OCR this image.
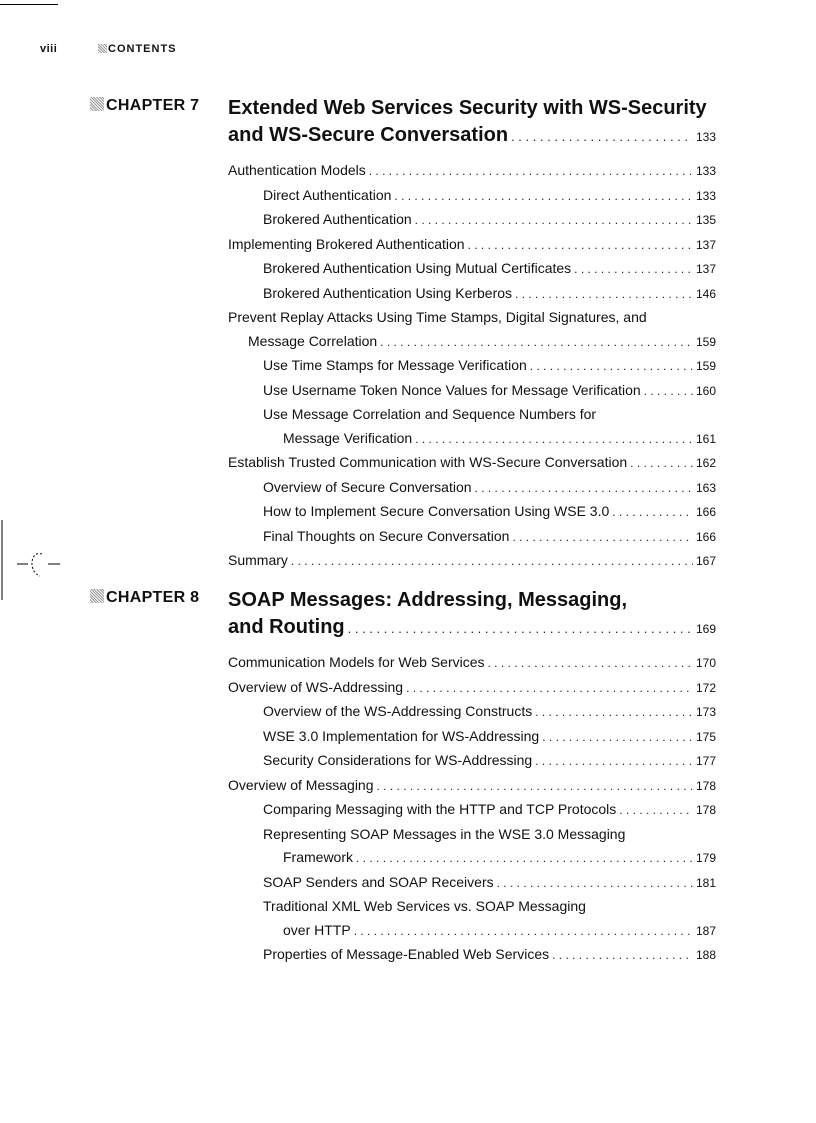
viii	CONTENTS
CHAPTER 7 Extended Web Services Security with WS-Security
and WS-Secure Conversation . . .	133
Authentication Models . . .	133
Direct Authentication . . .	133
Brokered Authentication . . .	135
Implementing Brokered Authentication . . .	137
Brokered Authentication Using Mutual Certificates . . .	137
Brokered Authentication Using Kerberos . . .	146
Prevent Replay Attacks Using Time Stamps, Digital Signatures, and
Message Correlation . . .	159
Use Time Stamps for Message Verification . . .	159
Use Username Token Nonce Values for Message Verification . . .	160
Use Message Correlation and Sequence Numbers for
Message Verification . . .	161
Establish Trusted Communication with WS-Secure Conversation . . .	162
Overview of Secure Conversation . . .	163
How to Implement Secure Conversation Using WSE 3.0 . . .	166
Final Thoughts on Secure Conversation . . .	166
Summary . . .	167
CHAPTER 8 SOAP Messages: Addressing, Messaging,
and Routing . . .	169
Communication Models for Web Services . . .	170
Overview of WS-Addressing . . .	172
Overview of the WS-Addressing Constructs . . .	173
WSE 3.0 Implementation for WS-Addressing . . .	175
Security Considerations for WS-Addressing . . .	177
Overview of Messaging . . .	178
Comparing Messaging with the HTTP and TCP Protocols . . .	178
Representing SOAP Messages in the WSE 3.0 Messaging
Framework . . .	179
SOAP Senders and SOAP Receivers . . .	181
Traditional XML Web Services vs. SOAP Messaging
over HTTP . . .	187
Properties of Message-Enabled Web Services . . .	188
